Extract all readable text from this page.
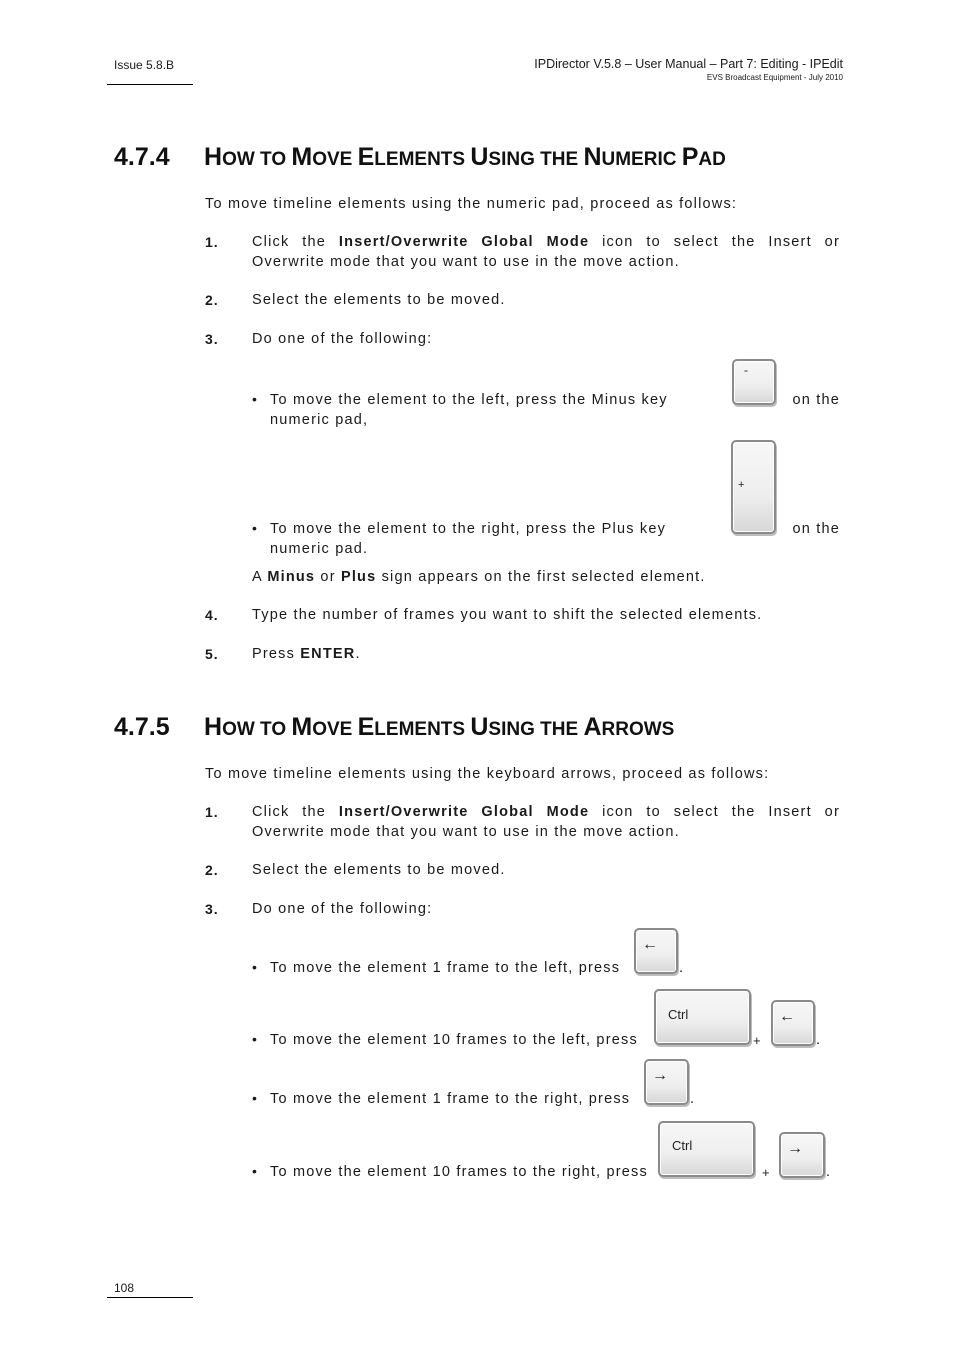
Issue 5.8.B	IPDirector V.5.8 – User Manual – Part 7: Editing - IPEdit
EVS Broadcast Equipment - July 2010
4.7.4 HOW TO MOVE ELEMENTS USING THE NUMERIC PAD
To move timeline elements using the numeric pad, proceed as follows:
1. Click the Insert/Overwrite Global Mode icon to select the Insert or
Overwrite mode that you want to use in the move action.
2. Select the elements to be moved.
3. Do one of the following:
• To move the element to the left, press the Minus key	on the
numeric pad,
-
• To move the element to the right, press the Plus key	on the
numeric pad.
+
A Minus or Plus sign appears on the first selected element.
4. Type the number of frames you want to shift the selected elements.
5. Press ENTER.
4.7.5 HOW TO MOVE ELEMENTS USING THE ARROWS
To move timeline elements using the keyboard arrows, proceed as follows:
1. Click the Insert/Overwrite Global Mode icon to select the Insert or
Overwrite mode that you want to use in the move action.
2. Select the elements to be moved.
3. Do one of the following:
• To move the element 1 frame to the left, press
←
.
• To move the element 10 frames to the left, press
Ctrl
+
←
.
• To move the element 1 frame to the right, press
→
.
• To move the element 10 frames to the right, press
Ctrl
+
→
.
108
